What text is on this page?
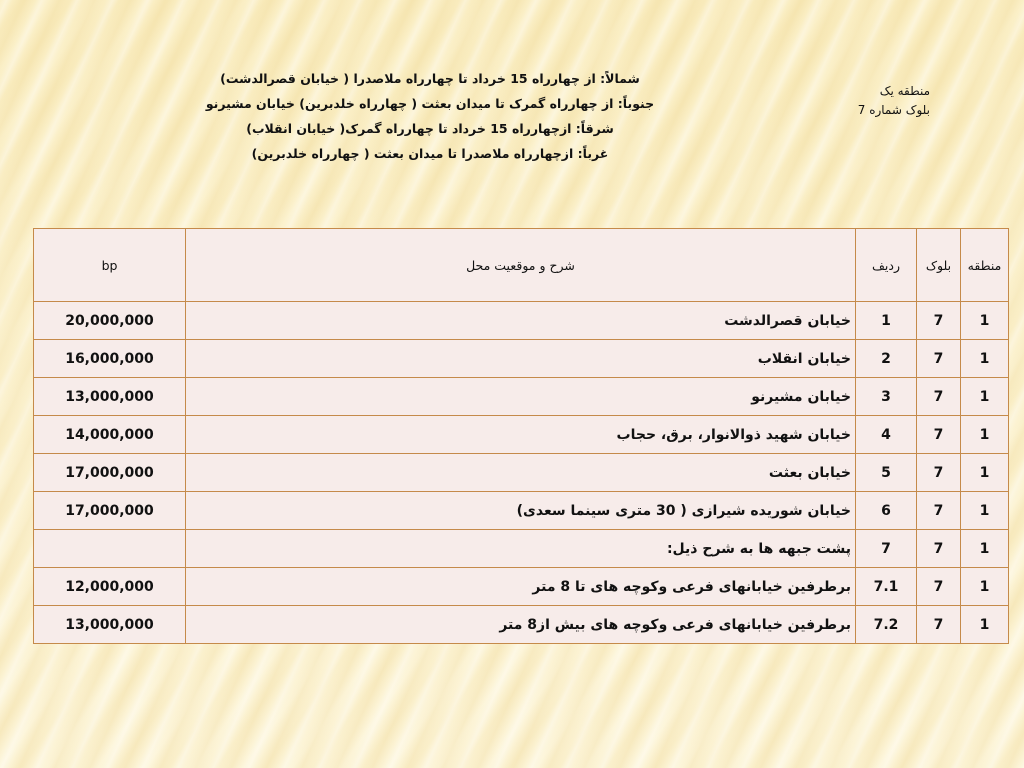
منطقه یک
بلوک شماره 7
شمالاً: از چهارراه 15 خرداد تا چهارراه ملاصدرا ( خیابان قصرالدشت)
جنوباً: از چهارراه گمرک تا میدان بعثت ( چهارراه خلدبرین) خیابان مشیرنو
شرقاً: ازچهارراه 15 خرداد تا چهارراه گمرک( خیابان انقلاب)
غرباً: ازچهارراه ملاصدرا تا میدان بعثت ( چهارراه خلدبرین)
bp	شرح و موقعیت محل	ردیف	بلوک	منطقه
20,000,000	خیابان قصرالدشت	1	7	1
16,000,000	خیابان انقلاب	2	7	1
13,000,000	خیابان مشیرنو	3	7	1
14,000,000	خیابان شهید ذوالانوار، برق، حجاب	4	7	1
17,000,000	خیابان بعثت	5	7	1
17,000,000	خیابان شوریده شیرازی ( 30 متری سینما سعدی)	6	7	1
	پشت جبهه ها به شرح ذیل:	7	7	1
12,000,000	برطرفین خیابانهای فرعی وکوچه های تا 8 متر	7.1	7	1
13,000,000	برطرفین خیابانهای فرعی وکوچه های بیش از8 متر	7.2	7	1
